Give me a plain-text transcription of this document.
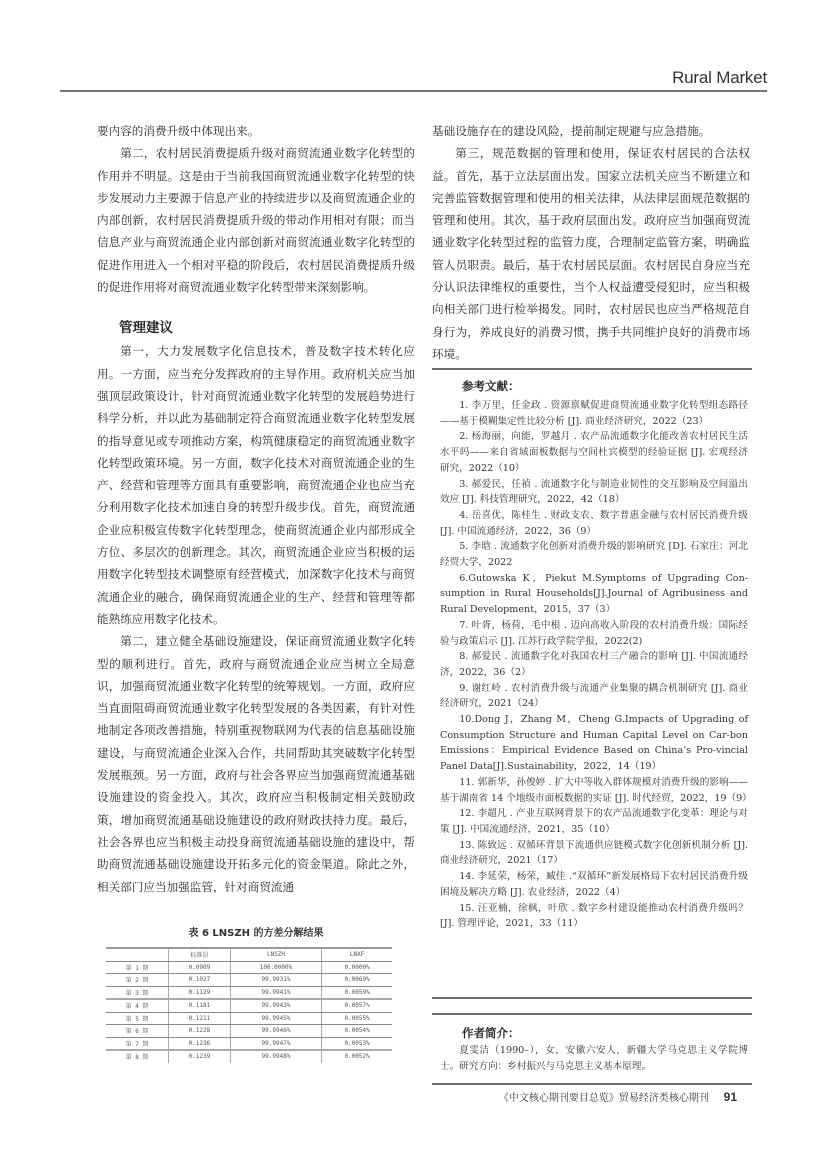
Rural Market

要内容的消费升级中体现出来。

第二，农村居民消费提质升级对商贸流通业数字化转型的作用并不明显。这是由于当前我国商贸流通业数字化转型的快步发展动力主要源于信息产业的持续进步以及商贸流通企业的内部创新，农村居民消费提质升级的带动作用相对有限；而当信息产业与商贸流通企业内部创新对商贸流通业数字化转型的促进作用进入一个相对平稳的阶段后，农村居民消费提质升级的促进作用将对商贸流通业数字化转型带来深刻影响。

管理建议

第一，大力发展数字化信息技术，普及数字技术转化应用。一方面，应当充分发挥政府的主导作用。政府机关应当加强顶层政策设计，针对商贸流通业数字化转型的发展趋势进行科学分析，并以此为基础制定符合商贸流通业数字化转型发展的指导意见或专项推动方案，构筑健康稳定的商贸流通业数字化转型政策环境。另一方面，数字化技术对商贸流通企业的生产、经营和管理等方面具有重要影响，商贸流通企业也应当充分利用数字化技术加速自身的转型升级步伐。首先，商贸流通企业应积极宣传数字化转型理念，使商贸流通企业内部形成全方位、多层次的创新理念。其次，商贸流通企业应当积极的运用数字化转型技术调整原有经营模式，加深数字化技术与商贸流通企业的融合，确保商贸流通企业的生产、经营和管理等都能熟练应用数字化技术。

第二，建立健全基础设施建设，保证商贸流通业数字化转型的顺利进行。首先，政府与商贸流通企业应当树立全局意识，加强商贸流通业数字化转型的统筹规划。一方面，政府应当直面阻碍商贸流通业数字化转型发展的各类因素，有针对性地制定各项改善措施，特别重视物联网为代表的信息基础设施建设，与商贸流通企业深入合作，共同帮助其突破数字化转型发展瓶颈。另一方面，政府与社会各界应当加强商贸流通基础设施建设的资金投入。其次，政府应当积极制定相关鼓励政策，增加商贸流通基础设施建设的政府财政扶持力度。最后，社会各界也应当积极主动投身商贸流通基础设施的建设中，帮助商贸流通基础设施建设开拓多元化的资金渠道。除此之外，相关部门应当加强监管，针对商贸流通

表 6 LNSZH 的方差分解结果
	标准误	LNSZH	LNXF
第 1 期	0.0909	100.0000%	0.0000%
第 2 期	0.1027	99.9931%	0.0069%
第 3 期	0.1129	99.9941%	0.0059%
第 4 期	0.1181	99.9943%	0.0057%
第 5 期	0.1211	99.9945%	0.0055%
第 6 期	0.1228	99.9946%	0.0054%
第 7 期	0.1236	99.9947%	0.0053%
第 8 期	0.1239	99.9948%	0.0052%

基础设施存在的建设风险，提前制定规避与应急措施。

第三，规范数据的管理和使用，保证农村居民的合法权益。首先，基于立法层面出发。国家立法机关应当不断建立和完善监管数据管理和使用的相关法律，从法律层面规范数据的管理和使用。其次，基于政府层面出发。政府应当加强商贸流通业数字化转型过程的监管力度，合理制定监管方案，明确监管人员职责。最后，基于农村居民层面。农村居民自身应当充分认识法律维权的重要性，当个人权益遭受侵犯时，应当积极向相关部门进行检举揭发。同时，农村居民也应当严格规范自身行为，养成良好的消费习惯，携手共同维护良好的消费市场环境。

参考文献：

1. 李万里，任金政 . 资源禀赋促进商贸流通业数字化转型组态路径——基于模糊集定性比较分析 [J]. 商业经济研究，2022（23）

2. 杨海丽，向能，罗越月 . 农产品流通数字化能改善农村居民生活水平吗——来自省域面板数据与空间杜宾模型的经验证据 [J]. 宏观经济研究，2022（10）

3. 郝爱民，任禎 . 流通数字化与制造业韧性的交互影响及空间溢出效应 [J]. 科技管理研究，2022，42（18）

4. 岳喜优，陈桂生 . 财政支农、数字普惠金融与农村居民消费升级 [J]. 中国流通经济，2022，36（9）

5. 李晗 . 流通数字化创新对消费升级的影响研究 [D]. 石家庄：河北经贸大学，2022

6.Gutowska K，Piekut M.Symptoms of Upgrading Con-sumption in Rural Households[J].Journal of Agribusiness and Rural Development，2015，37（3）

7. 叶胥，杨荷，毛中根 . 迈向高收入阶段的农村消费升级：国际经验与政策启示 [J]. 江苏行政学院学报，2022(2)

8. 郝爱民 . 流通数字化对我国农村三产融合的影响 [J]. 中国流通经济，2022，36（2）

9. 谢红岭 . 农村消费升级与流通产业集聚的耦合机制研究 [J]. 商业经济研究，2021（24）

10.Dong J，Zhang M，Cheng G.Impacts of Upgrading of Consumption Structure and Human Capital Level on Car-bon Emissions：Empirical Evidence Based on China’s Pro-vincial Panel Data[J].Sustainability，2022，14（19）

11. 郭新华，孙俊婷 . 扩大中等收入群体规模对消费升级的影响——基于湖南省 14 个地级市面板数据的实证 [J]. 时代经贸，2022，19（9）

12. 李超凡 . 产业互联网背景下的农产品流通数字化变革：理论与对策 [J]. 中国流通经济，2021，35（10）

13. 陈致远 . 双循环背景下流通供应链模式数字化创新机制分析 [J]. 商业经济研究，2021（17）

14. 李延荣，杨荣，臧佳 .“双循环”新发展格局下农村居民消费升级困境及解决方略 [J]. 农业经济，2022（4）

15. 汪亚楠，徐枫，叶欣 . 数字乡村建设能推动农村消费升级吗？ [J]. 管理评论，2021，33（11）

作者简介：

夏雯洁（1990–），女，安徽六安人，新疆大学马克思主义学院博士。研究方向：乡村振兴与马克思主义基本原理。

《中文核心期刊要目总览》贸易经济类核心期刊 91
